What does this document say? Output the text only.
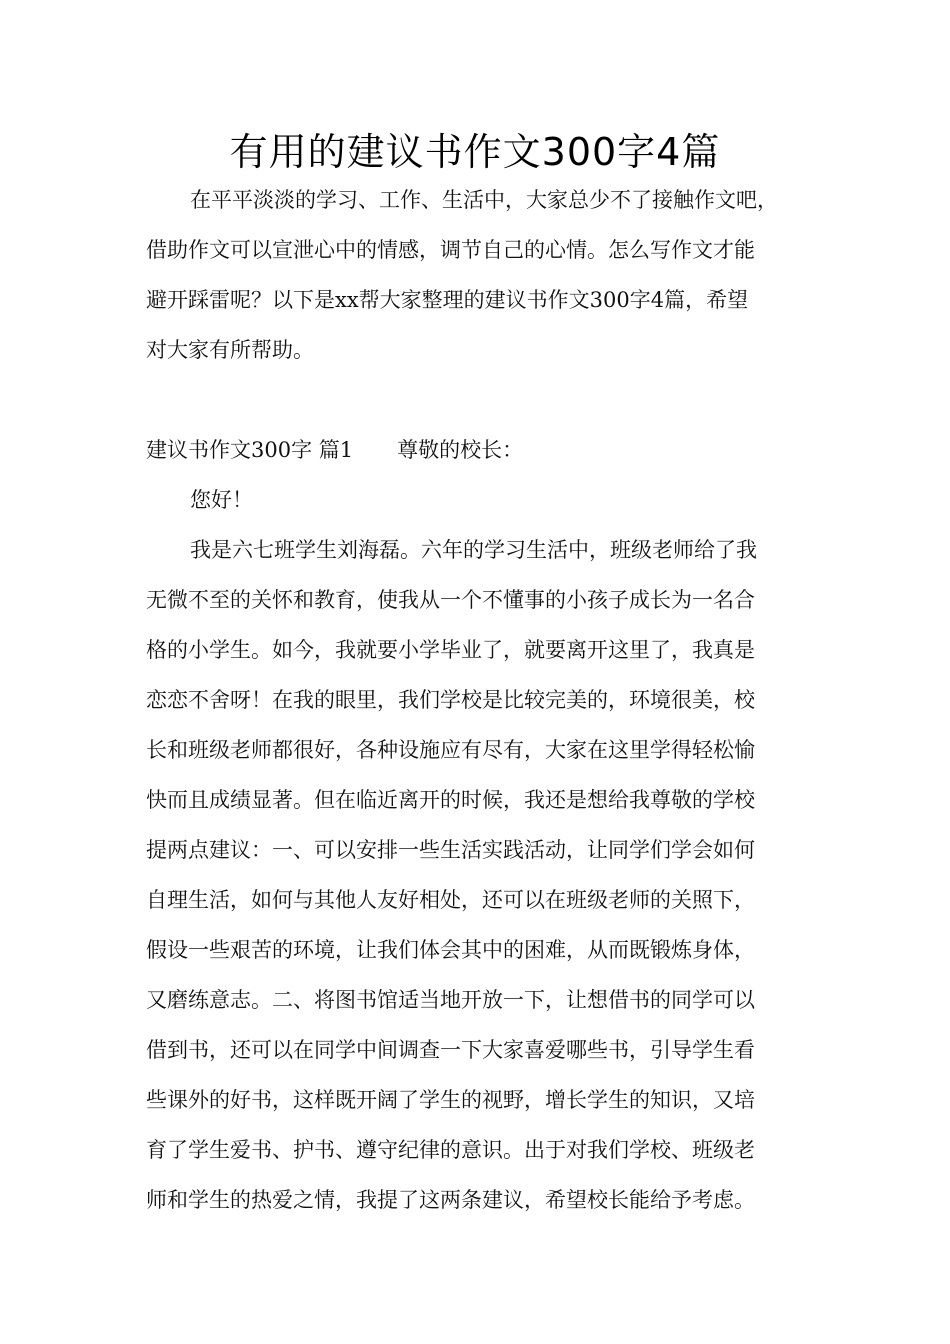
有用的建议书作文300字4篇
在平平淡淡的学习、工作、生活中，大家总少不了接触作文吧，
借助作文可以宣泄心中的情感，调节自己的心情。怎么写作文才能
避开踩雷呢？以下是xx帮大家整理的建议书作文300字4篇，希望
对大家有所帮助。
建议书作文300字 篇1 尊敬的校长：
您好！
我是六七班学生刘海磊。六年的学习生活中，班级老师给了我
无微不至的关怀和教育，使我从一个不懂事的小孩子成长为一名合
格的小学生。如今，我就要小学毕业了，就要离开这里了，我真是
恋恋不舍呀！在我的眼里，我们学校是比较完美的，环境很美，校
长和班级老师都很好，各种设施应有尽有，大家在这里学得轻松愉
快而且成绩显著。但在临近离开的时候，我还是想给我尊敬的学校
提两点建议：一、可以安排一些生活实践活动，让同学们学会如何
自理生活，如何与其他人友好相处，还可以在班级老师的关照下，
假设一些艰苦的环境，让我们体会其中的困难，从而既锻炼身体，
又磨练意志。二、将图书馆适当地开放一下，让想借书的同学可以
借到书，还可以在同学中间调查一下大家喜爱哪些书，引导学生看
些课外的好书，这样既开阔了学生的视野，增长学生的知识，又培
育了学生爱书、护书、遵守纪律的意识。出于对我们学校、班级老
师和学生的热爱之情，我提了这两条建议，希望校长能给予考虑。
